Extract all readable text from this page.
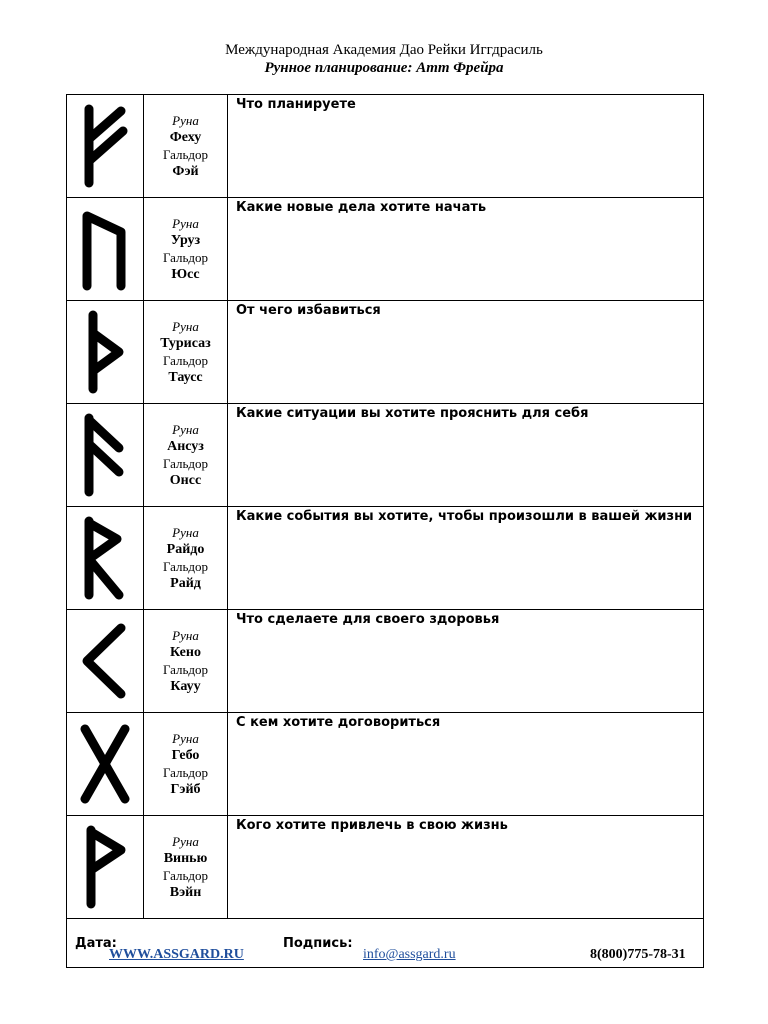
Международная Академия Дао Рейки Иггдрасиль
Рунное планирование: Атт Фрейра

Руна
Феху
Гальдор
Фэй	Что планируете

Руна
Уруз
Гальдор
Юсс	Какие новые дела хотите начать

Руна
Турисаз
Гальдор
Таусс	От чего избавиться

Руна
Ансуз
Гальдор
Онсс	Какие ситуации вы хотите прояснить для себя

Руна
Райдо
Гальдор
Райд	Какие события вы хотите, чтобы произошли в вашей жизни

Руна
Кено
Гальдор
Кауу	Что сделаете для своего здоровья

Руна
Гебо
Гальдор
Гэйб	С кем хотите договориться

Руна
Винью
Гальдор
Вэйн	Кого хотите привлечь в свою жизнь

Дата: Подпись:		
WWW.ASSGARD.RU	info@assgard.ru	8(800)775-78-31
